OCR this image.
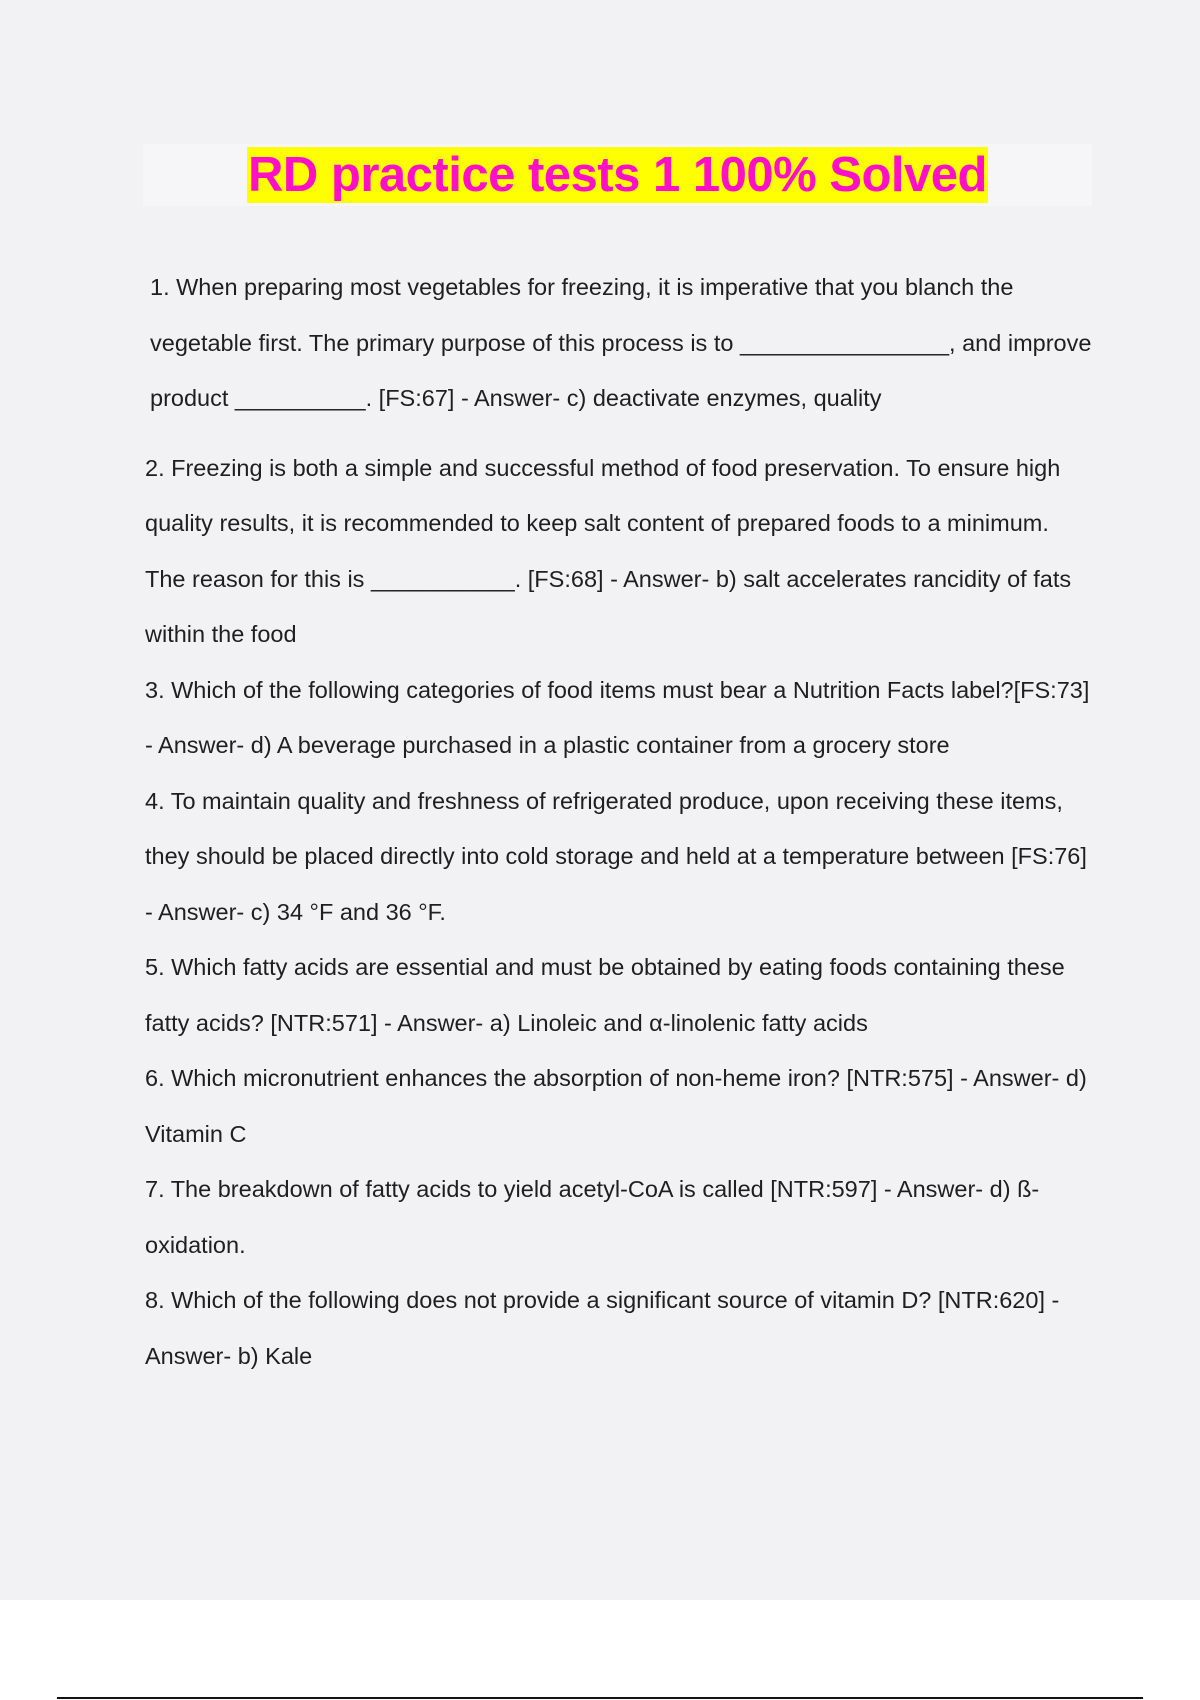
RD practice tests 1 100% Solved

1. When preparing most vegetables for freezing, it is imperative that you blanch the vegetable first. The primary purpose of this process is to ________________, and improve product __________. [FS:67] - Answer- c) deactivate enzymes, quality

2. Freezing is both a simple and successful method of food preservation. To ensure high quality results, it is recommended to keep salt content of prepared foods to a minimum. The reason for this is ___________. [FS:68] - Answer- b) salt accelerates rancidity of fats within the food

3. Which of the following categories of food items must bear a Nutrition Facts label?[FS:73] - Answer- d) A beverage purchased in a plastic container from a grocery store

4. To maintain quality and freshness of refrigerated produce, upon receiving these items, they should be placed directly into cold storage and held at a temperature between [FS:76] - Answer- c) 34 °F and 36 °F.

5. Which fatty acids are essential and must be obtained by eating foods containing these fatty acids? [NTR:571] - Answer- a) Linoleic and α-linolenic fatty acids

6. Which micronutrient enhances the absorption of non-heme iron? [NTR:575] - Answer- d) Vitamin C

7. The breakdown of fatty acids to yield acetyl-CoA is called [NTR:597] - Answer- d) ß-oxidation.

8. Which of the following does not provide a significant source of vitamin D? [NTR:620] - Answer- b) Kale
